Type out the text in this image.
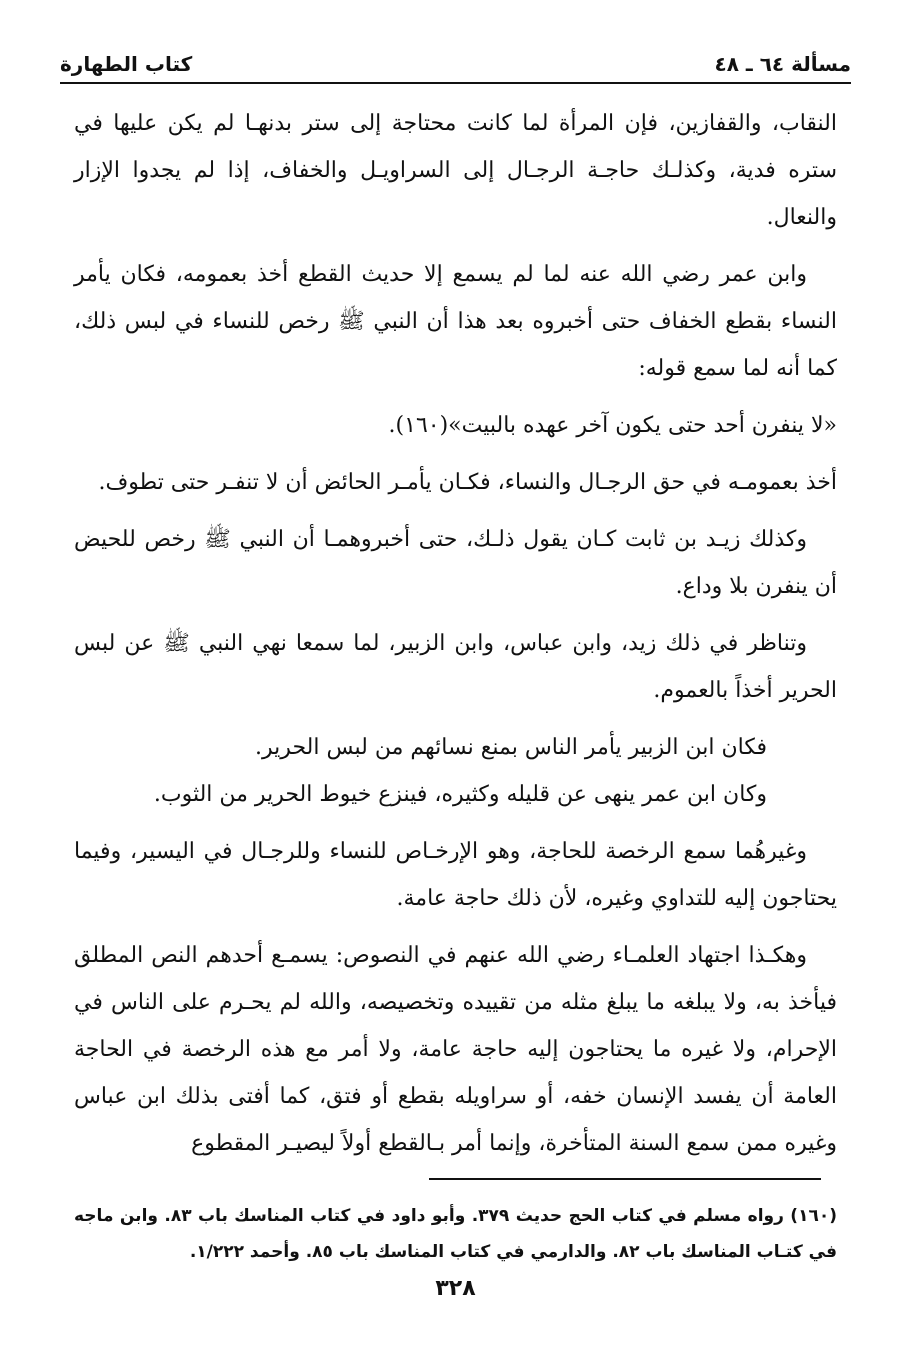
مسألة ٦٤ ـ ٤٨
كتاب الطهارة

النقاب، والقفازين، فإن المرأة لما كانت محتاجة إلى ستر بدنهـا لم يكن عليها في ستره فدية، وكذلـك حاجـة الرجـال إلى السراويـل والخفاف، إذا لم يجدوا الإزار والنعال.

وابن عمر رضي الله عنه لما لم يسمع إلا حديث القطع أخذ بعمومه، فكان يأمر النساء بقطع الخفاف حتى أخبروه بعد هذا أن النبي ﷺ رخص للنساء في لبس ذلك، كما أنه لما سمع قوله:

«لا ينفرن أحد حتى يكون آخر عهده بالبيت»(١٦٠).

أخذ بعمومـه في حق الرجـال والنساء، فكـان يأمـر الحائض أن لا تنفـر حتى تطوف.

وكذلك زيـد بن ثابت كـان يقول ذلـك، حتى أخبروهمـا أن النبي ﷺ رخص للحيض أن ينفرن بلا وداع.

وتناظر في ذلك زيد، وابن عباس، وابن الزبير، لما سمعا نهي النبي ﷺ عن لبس الحرير أخذاً بالعموم.

فكان ابن الزبير يأمر الناس بمنع نسائهم من لبس الحرير.

وكان ابن عمر ينهى عن قليله وكثيره، فينزع خيوط الحرير من الثوب.

وغيرهُما سمع الرخصة للحاجة، وهو الإرخـاص للنساء وللرجـال في اليسير، وفيما يحتاجون إليه للتداوي وغيره، لأن ذلك حاجة عامة.

وهكـذا اجتهاد العلمـاء رضي الله عنهم في النصوص: يسمـع أحدهم النص المطلق فيأخذ به، ولا يبلغه ما يبلغ مثله من تقييده وتخصيصه، والله لم يحـرم على الناس في الإحرام، ولا غيره ما يحتاجون إليه حاجة عامة، ولا أمر مع هذه الرخصة في الحاجة العامة أن يفسد الإنسان خفه، أو سراويله بقطع أو فتق، كما أفتى بذلك ابن عباس وغيره ممن سمع السنة المتأخرة، وإنما أمر بـالقطع أولاً ليصيـر المقطوع

(١٦٠) رواه مسلم في كتاب الحج حديث ٣٧٩. وأبو داود في كتاب المناسك باب ٨٣. وابن ماجه في كتـاب المناسك باب ٨٢. والدارمي في كتاب المناسك باب ٨٥. وأحمد ١/٢٢٢.

٣٢٨
